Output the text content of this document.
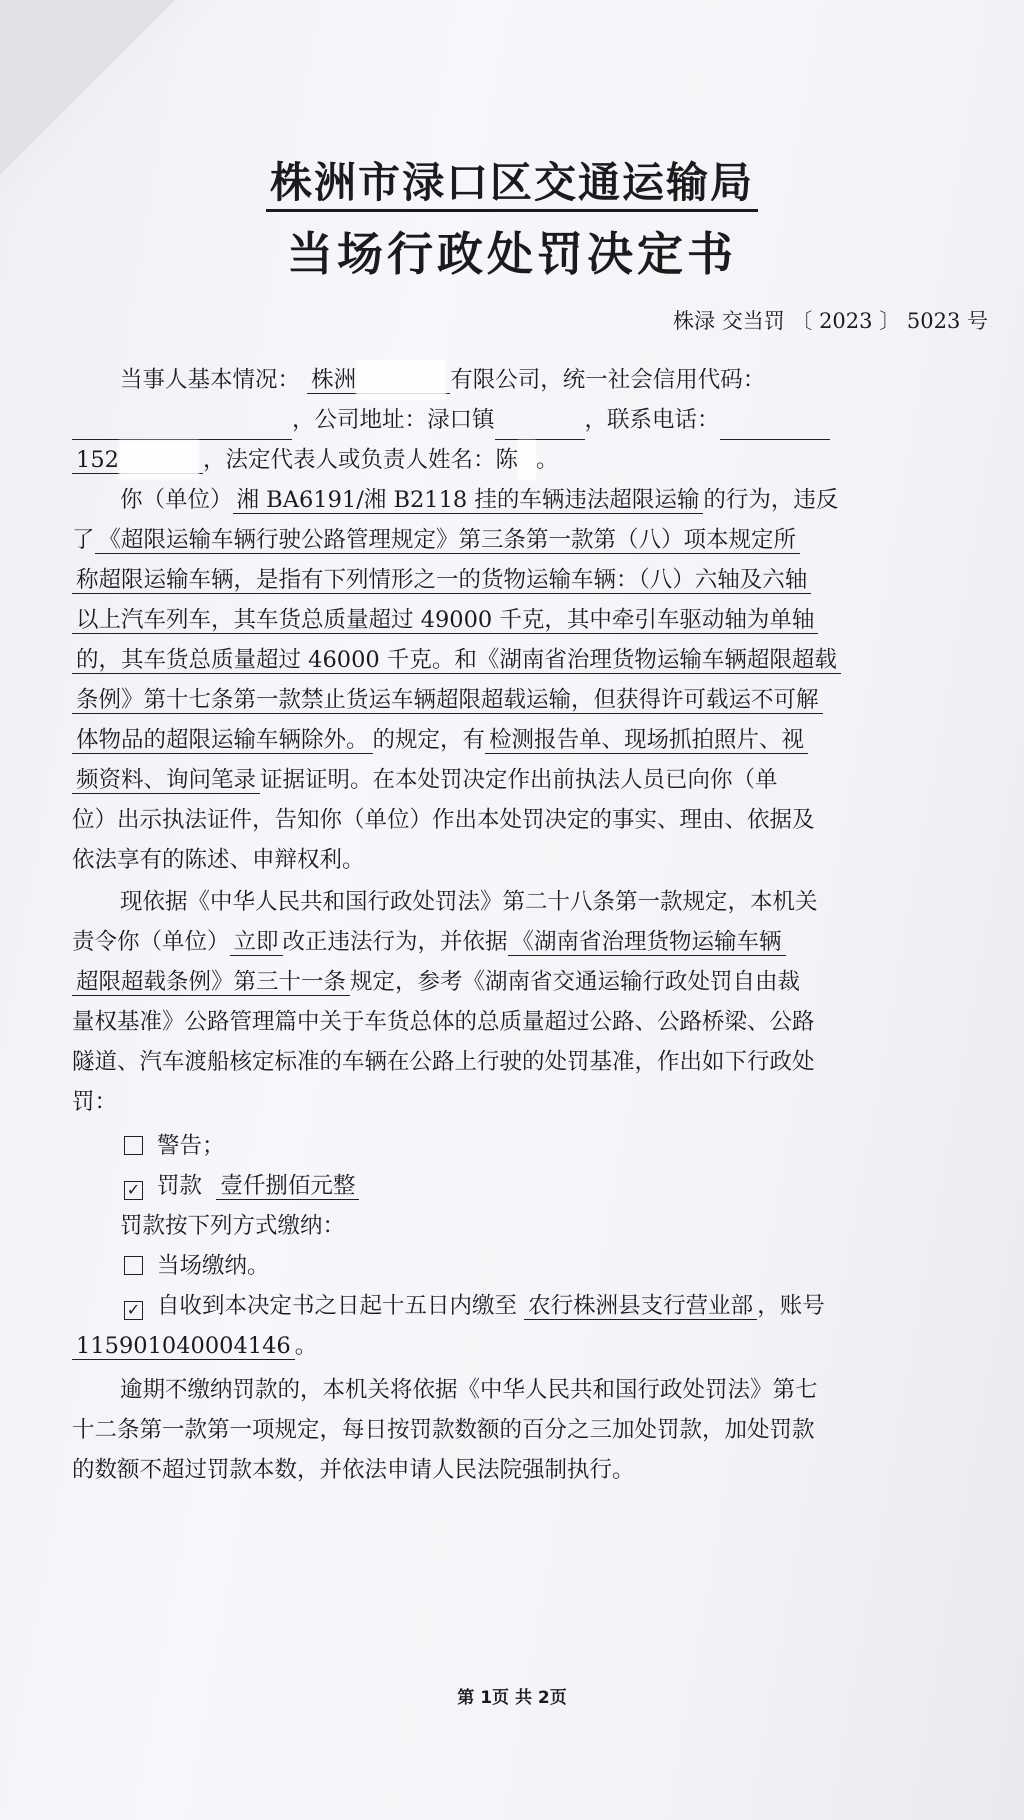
株洲市渌口区交通运输局
当场行政处罚决定书
株渌 交当罚 〔 2023 〕 5023 号

当事人基本情况： 株洲	有限公司，统一社会信用代码：
，公司地址：渌口镇	，联系电话：
152	，法定代表人或负责人姓名：陈 。

你（单位） 湘 BA6191/湘 B2118 挂的车辆违法超限运输 的行为，违反
了 《超限运输车辆行驶公路管理规定》第三条第一款第（八）项本规定所
称超限运输车辆，是指有下列情形之一的货物运输车辆：（八）六轴及六轴
以上汽车列车，其车货总质量超过 49000 千克，其中牵引车驱动轴为单轴
的，其车货总质量超过 46000 千克。和《湖南省治理货物运输车辆超限超载
条例》第十七条第一款禁止货运车辆超限超载运输，但获得许可载运不可解
体物品的超限运输车辆除外。 的规定，有 检测报告单、现场抓拍照片、视
频资料、询问笔录 证据证明。在本处罚决定作出前执法人员已向你（单
位）出示执法证件，告知你（单位）作出本处罚决定的事实、理由、依据及
依法享有的陈述、申辩权利。

现依据《中华人民共和国行政处罚法》第二十八条第一款规定，本机关
责令你（单位） 立即 改正违法行为，并依据 《湖南省治理货物运输车辆
超限超载条例》第三十一条 规定，参考《湖南省交通运输行政处罚自由裁
量权基准》公路管理篇中关于车货总体的总质量超过公路、公路桥梁、公路
隧道、汽车渡船核定标准的车辆在公路上行驶的处罚基准，作出如下行政处
罚：

警告；

✓ 罚款 壹仟捌佰元整

罚款按下列方式缴纳：

当场缴纳。

✓ 自收到本决定书之日起十五日内缴至 农行株洲县支行营业部 ，账号

115901040004146 。

逾期不缴纳罚款的，本机关将依据《中华人民共和国行政处罚法》第七
十二条第一款第一项规定，每日按罚款数额的百分之三加处罚款，加处罚款
的数额不超过罚款本数，并依法申请人民法院强制执行。

第 1页 共 2页
